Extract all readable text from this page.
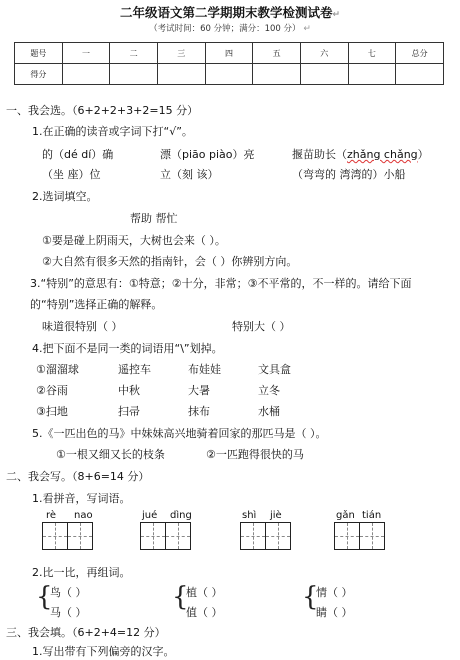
二年级语文第二学期期末教学检测试卷↵
（考试时间：60 分钟；满分：100 分） ↵
题号	一	二	三	四	五	六	七	总分
得分								
一、我会选。（6+2+2+3+2=15 分）
1.在正确的读音或字词下打“√”。
的（dé dí）确	漂（piāo piào）亮	揠苗助长（zhǎng chǎng）
（坐 座）位	立（刻 该）	（弯弯的 湾湾的）小船
2.选词填空。
帮助 帮忙
①要是碰上阴雨天，大树也会来（ ）。
②大自然有很多天然的指南针，会（ ）你辨别方向。
3.“特别”的意思有：①特意；②十分，非常；③不平常的，不一样的。请给下面
的“特别”选择正确的解释。
味道很特别（ ）	特别大（ ）
4.把下面不是同一类的词语用“\”划掉。
①溜溜球	遥控车	布娃娃	文具盒
②谷雨	中秋	大暑	立冬
③扫地	扫帚	抹布	水桶
5.《一匹出色的马》中妹妹高兴地骑着回家的那匹马是（ ）。
①一根又细又长的枝条	②一匹跑得很快的马
二、我会写。（8+6=14 分）
1.看拼音，写词语。
rè nao	jué dìng	shì jiè	gǎn tián
2.比一比，再组词。
{
鸟（ ）
马（ ）
{
植（ ）
值（ ）
{
情（ ）
睛（ ）
三、我会填。（6+2+4=12 分）
1.写出带有下列偏旁的汉字。
